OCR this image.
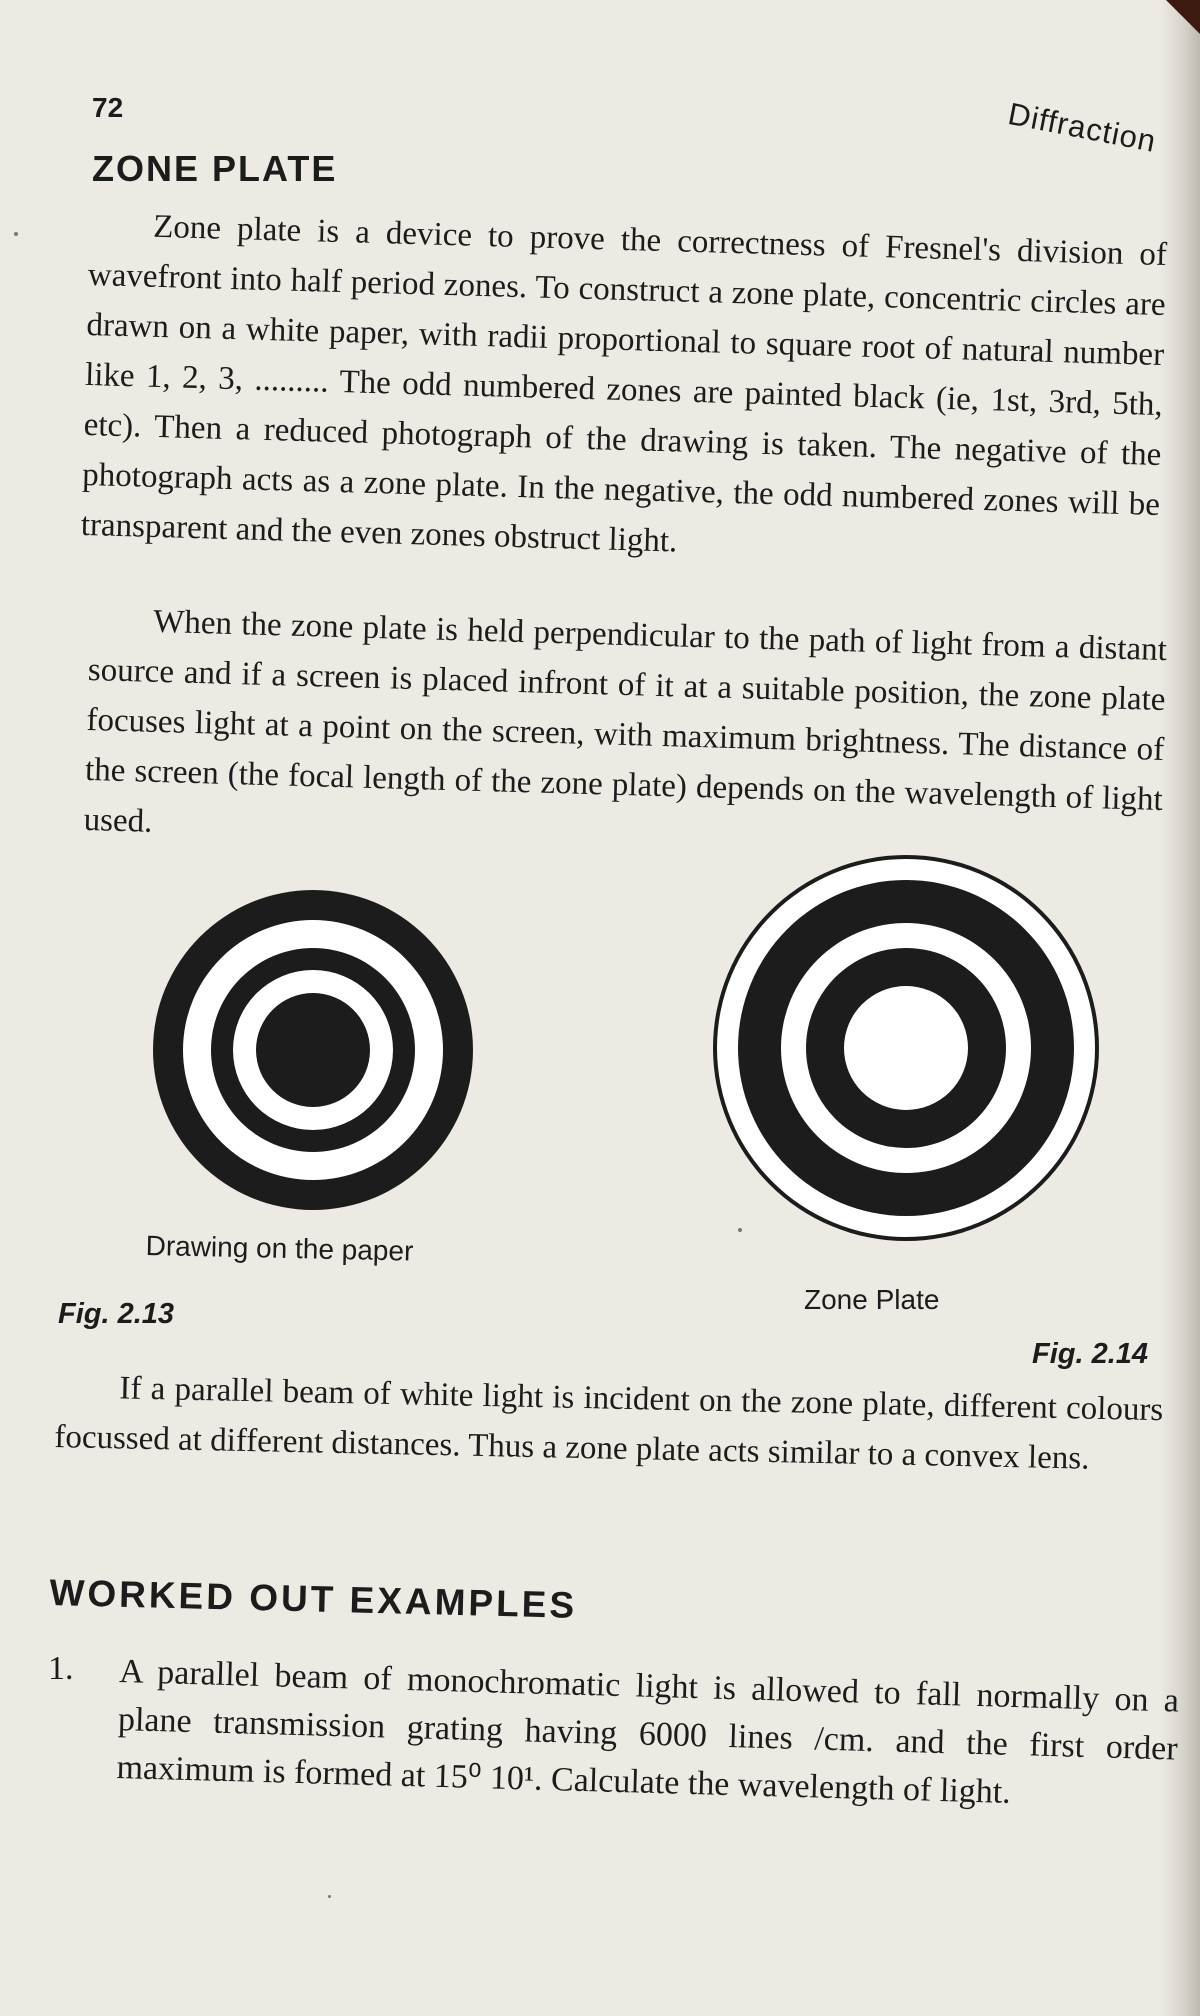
72	Diffraction
ZONE PLATE

Zone plate is a device to prove the correctness of Fresnel's division of wavefront into half period zones. To construct a zone plate, concentric circles are drawn on a white paper, with radii proportional to square root of natural number like 1, 2, 3, ......... The odd numbered zones are painted black (ie, 1st, 3rd, 5th, etc). Then a reduced photograph of the drawing is taken. The negative of the photograph acts as a zone plate. In the negative, the odd numbered zones will be transparent and the even zones obstruct light.

When the zone plate is held perpendicular to the path of light from a distant source and if a screen is placed infront of it at a suitable position, the zone plate focuses light at a point on the screen, with maximum brightness. The distance of the screen (the focal length of the zone plate) depends on the wavelength of light used.

Drawing on the paper
Fig. 2.13	Zone Plate
Fig. 2.14

If a parallel beam of white light is incident on the zone plate, different colours focussed at different distances. Thus a zone plate acts similar to a convex lens.

WORKED OUT EXAMPLES
1. A parallel beam of monochromatic light is allowed to fall normally on a plane transmission grating having 6000 lines /cm. and the first order maximum is formed at 15⁰ 10¹. Calculate the wavelength of light.
